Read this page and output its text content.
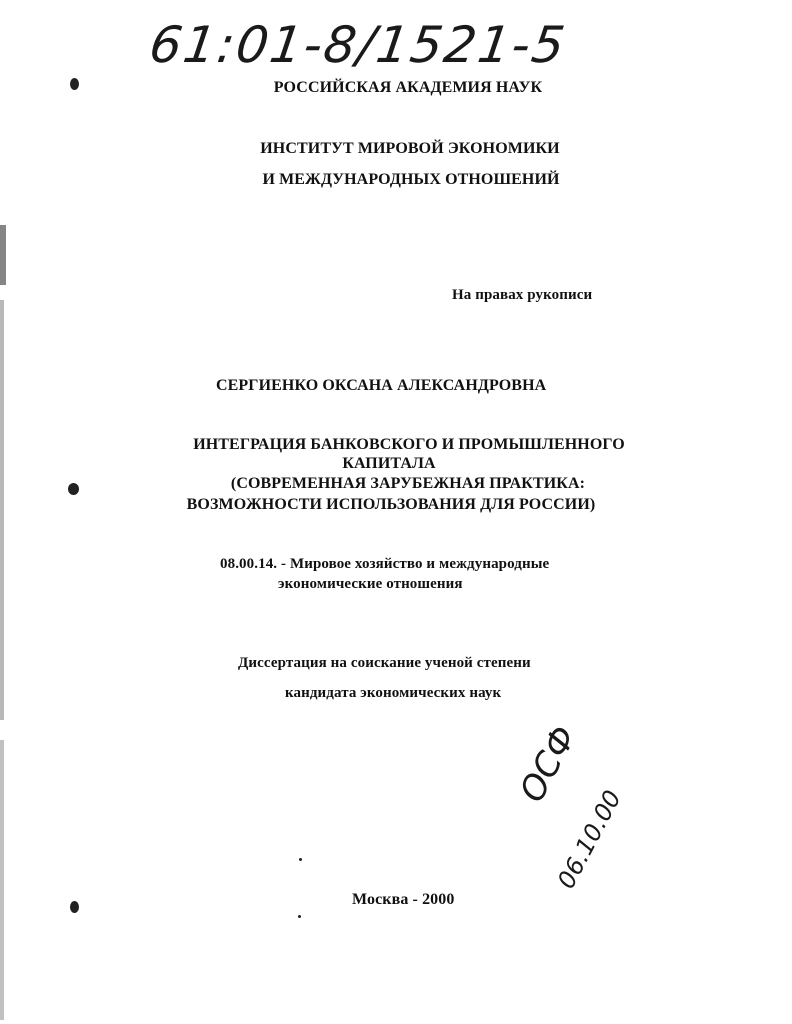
61:01-8/1521-5
РОССИЙСКАЯ АКАДЕМИЯ НАУК
ИНСТИТУТ МИРОВОЙ ЭКОНОМИКИ
И МЕЖДУНАРОДНЫХ ОТНОШЕНИЙ
На правах рукописи
СЕРГИЕНКО ОКСАНА АЛЕКСАНДРОВНА
ИНТЕГРАЦИЯ БАНКОВСКОГО И ПРОМЫШЛЕННОГО
КАПИТАЛА
(СОВРЕМЕННАЯ ЗАРУБЕЖНАЯ ПРАКТИКА:
ВОЗМОЖНОСТИ ИСПОЛЬЗОВАНИЯ ДЛЯ РОССИИ)
08.00.14. - Мировое хозяйство и международные
экономические отношения
Диссертация на соискание ученой степени
кандидата экономических наук
ОСФ
06.10.00
Москва - 2000
